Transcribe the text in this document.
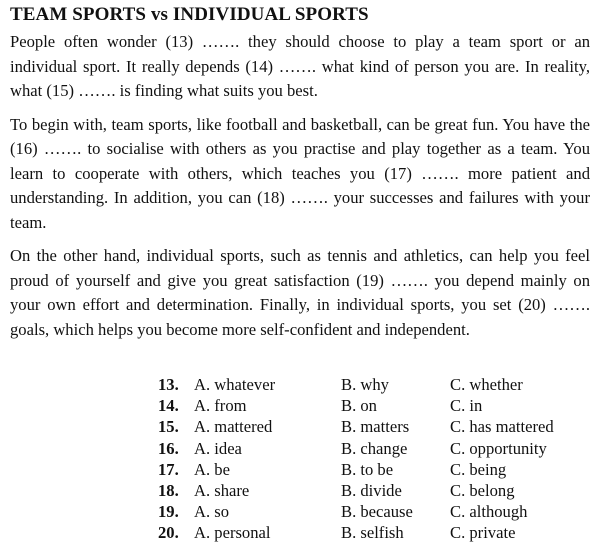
TEAM SPORTS vs INDIVIDUAL SPORTS

People often wonder (13) ……. they should choose to play a team sport or an individual sport. It really depends (14) ……. what kind of person you are. In reality, what (15) ……. is finding what suits you best.

To begin with, team sports, like football and basketball, can be great fun. You have the (16) ……. to socialise with others as you practise and play together as a team. You learn to cooperate with others, which teaches you (17) ……. more patient and understanding. In addition, you can (18) ……. your successes and failures with your team.

On the other hand, individual sports, such as tennis and athletics, can help you feel proud of yourself and give you great satisfaction (19) ……. you depend mainly on your own effort and determination. Finally, in individual sports, you set (20) ……. goals, which helps you become more self-confident and independent.

13. A. whatever	B. why	C. whether
14. A. from	B. on	C. in
15. A. mattered	B. matters C. has mattered
16. A. idea	B. change	C. opportunity
17. A. be	B. to be	C. being
18. A. share	B. divide	C. belong
19. A. so	B. because C. although
20. A. personal	B. selfish	C. private
